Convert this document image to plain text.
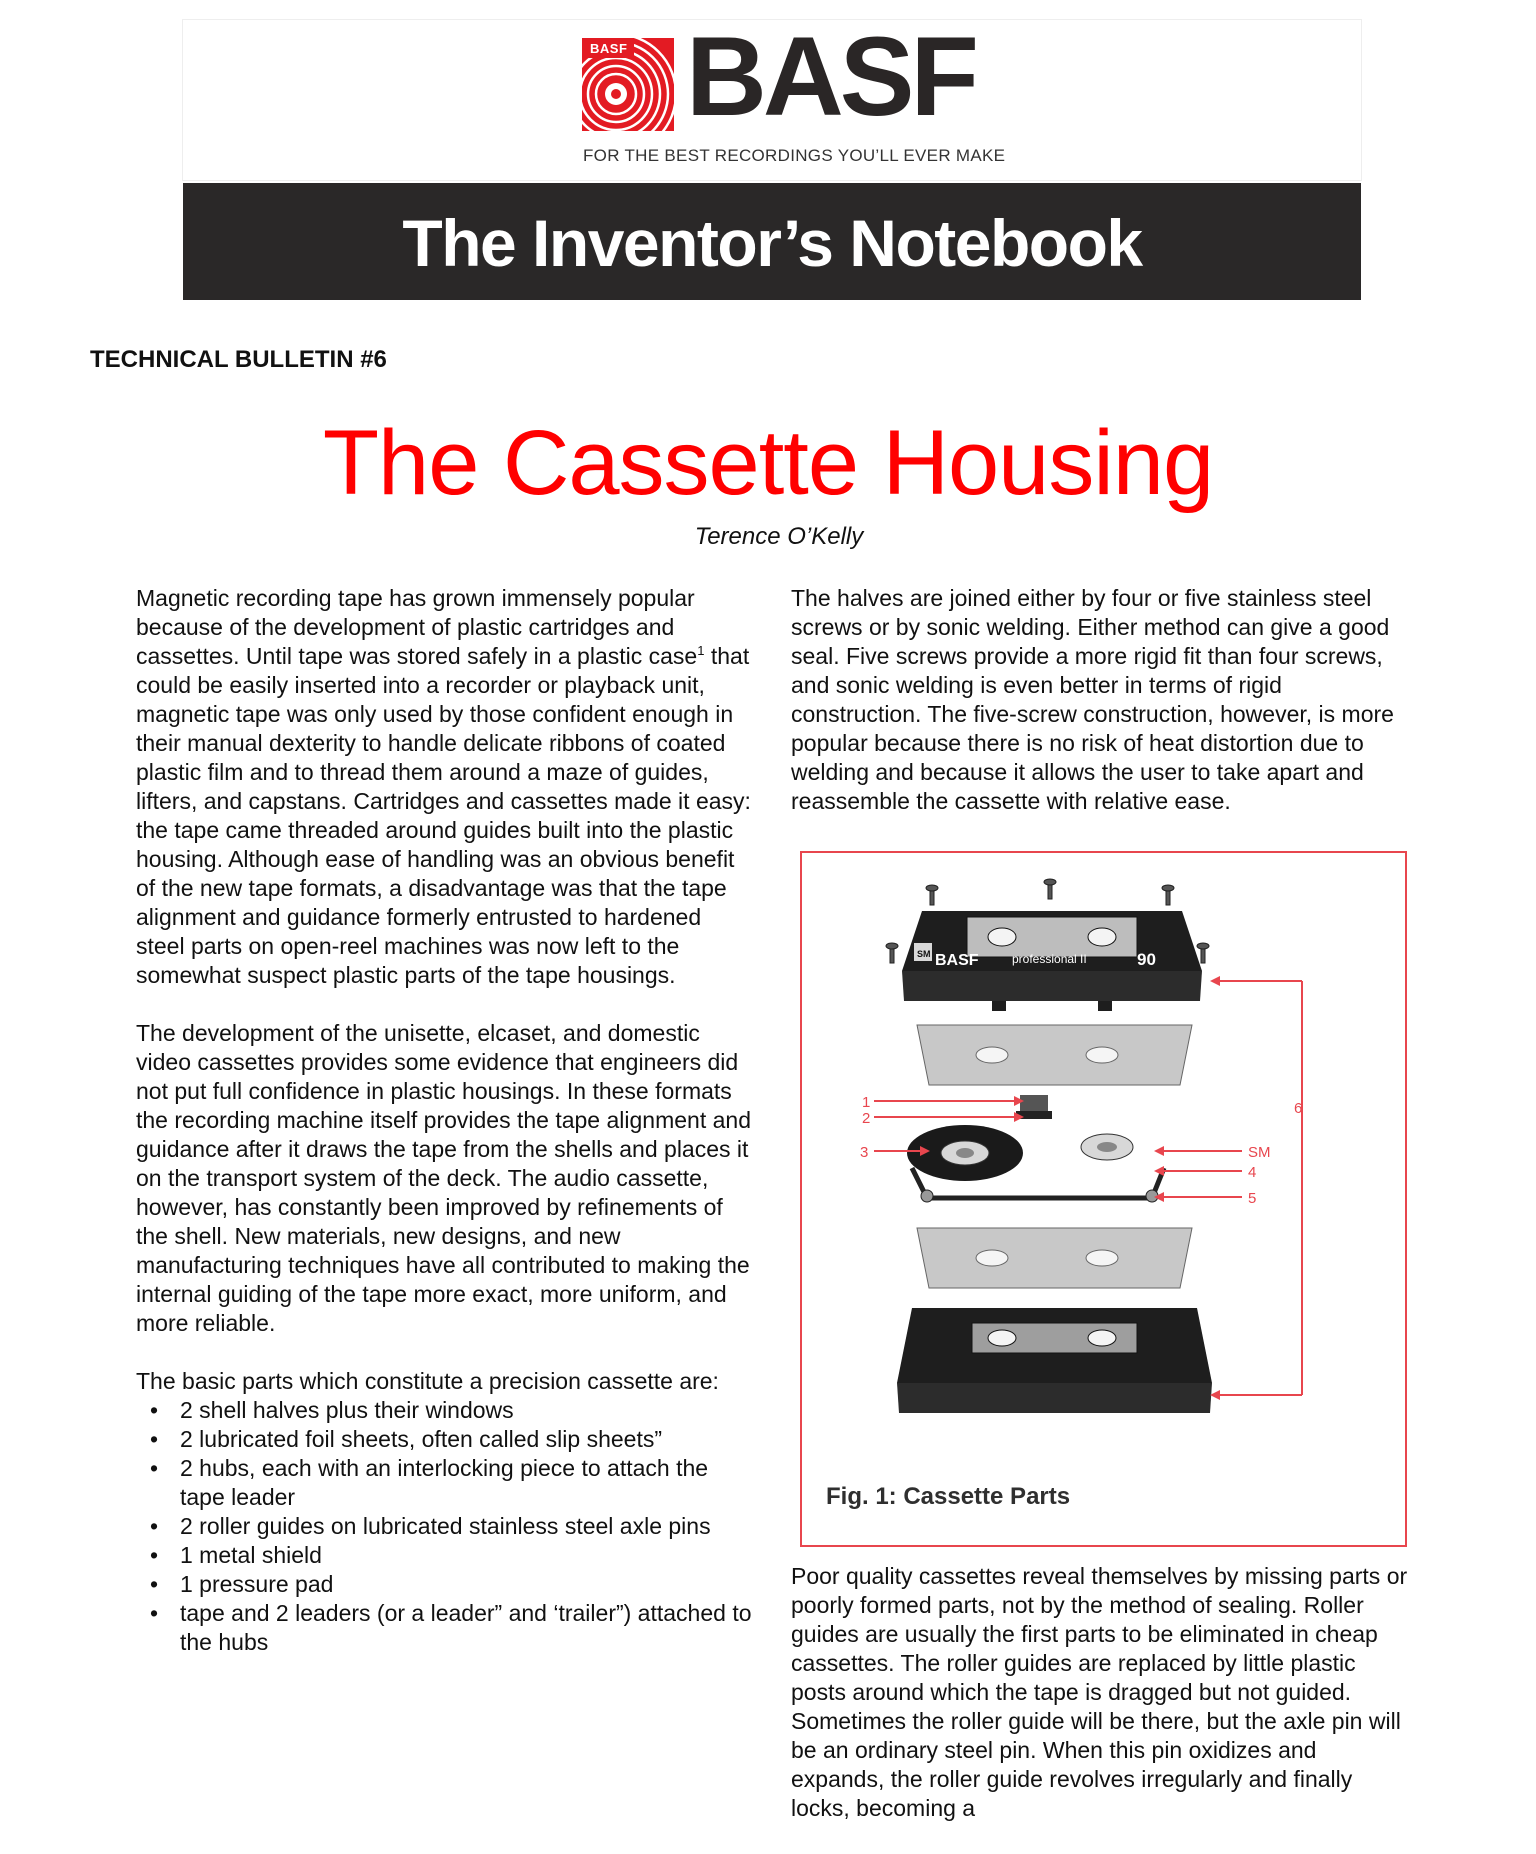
BASF BASF
FOR THE BEST RECORDINGS YOU’LL EVER MAKE
The Inventor’s Notebook
TECHNICAL BULLETIN #6
The Cassette Housing
Terence O’Kelly

Magnetic recording tape has grown immensely popular because of the development of plastic cartridges and cassettes. Until tape was stored safely in a plastic case$^1$ that could be easily inserted into a recorder or playback unit, magnetic tape was only used by those confident enough in their manual dexterity to handle delicate ribbons of coated plastic film and to thread them around a maze of guides, lifters, and capstans. Cartridges and cassettes made it easy: the tape came threaded around guides built into the plastic housing. Although ease of handling was an obvious benefit of the new tape formats, a disadvantage was that the tape alignment and guidance formerly entrusted to hardened steel parts on open-reel machines was now left to the somewhat suspect plastic parts of the tape housings.

The development of the unisette, elcaset, and domestic video cassettes provides some evidence that engineers did not put full confidence in plastic housings. In these formats the recording machine itself provides the tape alignment and guidance after it draws the tape from the shells and places it on the transport system of the deck. The audio cassette, however, has constantly been improved by refinements of the shell. New materials, new designs, and new manufacturing techniques have all contributed to making the internal guiding of the tape more exact, more uniform, and more reliable.

The basic parts which constitute a precision cassette are:

• 2 shell halves plus their windows
• 2 lubricated foil sheets, often called slip sheets”
• 2 hubs, each with an interlocking piece to attach the tape leader
• 2 roller guides on lubricated stainless steel axle pins
• 1 metal shield
• 1 pressure pad
• tape and 2 leaders (or a leader” and ‘trailer”) attached to the hubs

The halves are joined either by four or five stainless steel screws or by sonic welding. Either method can give a good seal. Five screws provide a more rigid fit than four screws, and sonic welding is even better in terms of rigid construction. The five-screw construction, however, is more popular because there is no risk of heat distortion due to welding and because it allows the user to take apart and reassemble the cassette with relative ease.

SM BASF	professional II	90
1
2
3	SM
4
5
6
Fig. 1: Cassette Parts

Poor quality cassettes reveal themselves by missing parts or poorly formed parts, not by the method of sealing. Roller guides are usually the first parts to be eliminated in cheap cassettes. The roller guides are replaced by little plastic posts around which the tape is dragged but not guided. Sometimes the roller guide will be there, but the axle pin will be an ordinary steel pin. When this pin oxidizes and expands, the roller guide revolves irregularly and finally locks, becoming a
